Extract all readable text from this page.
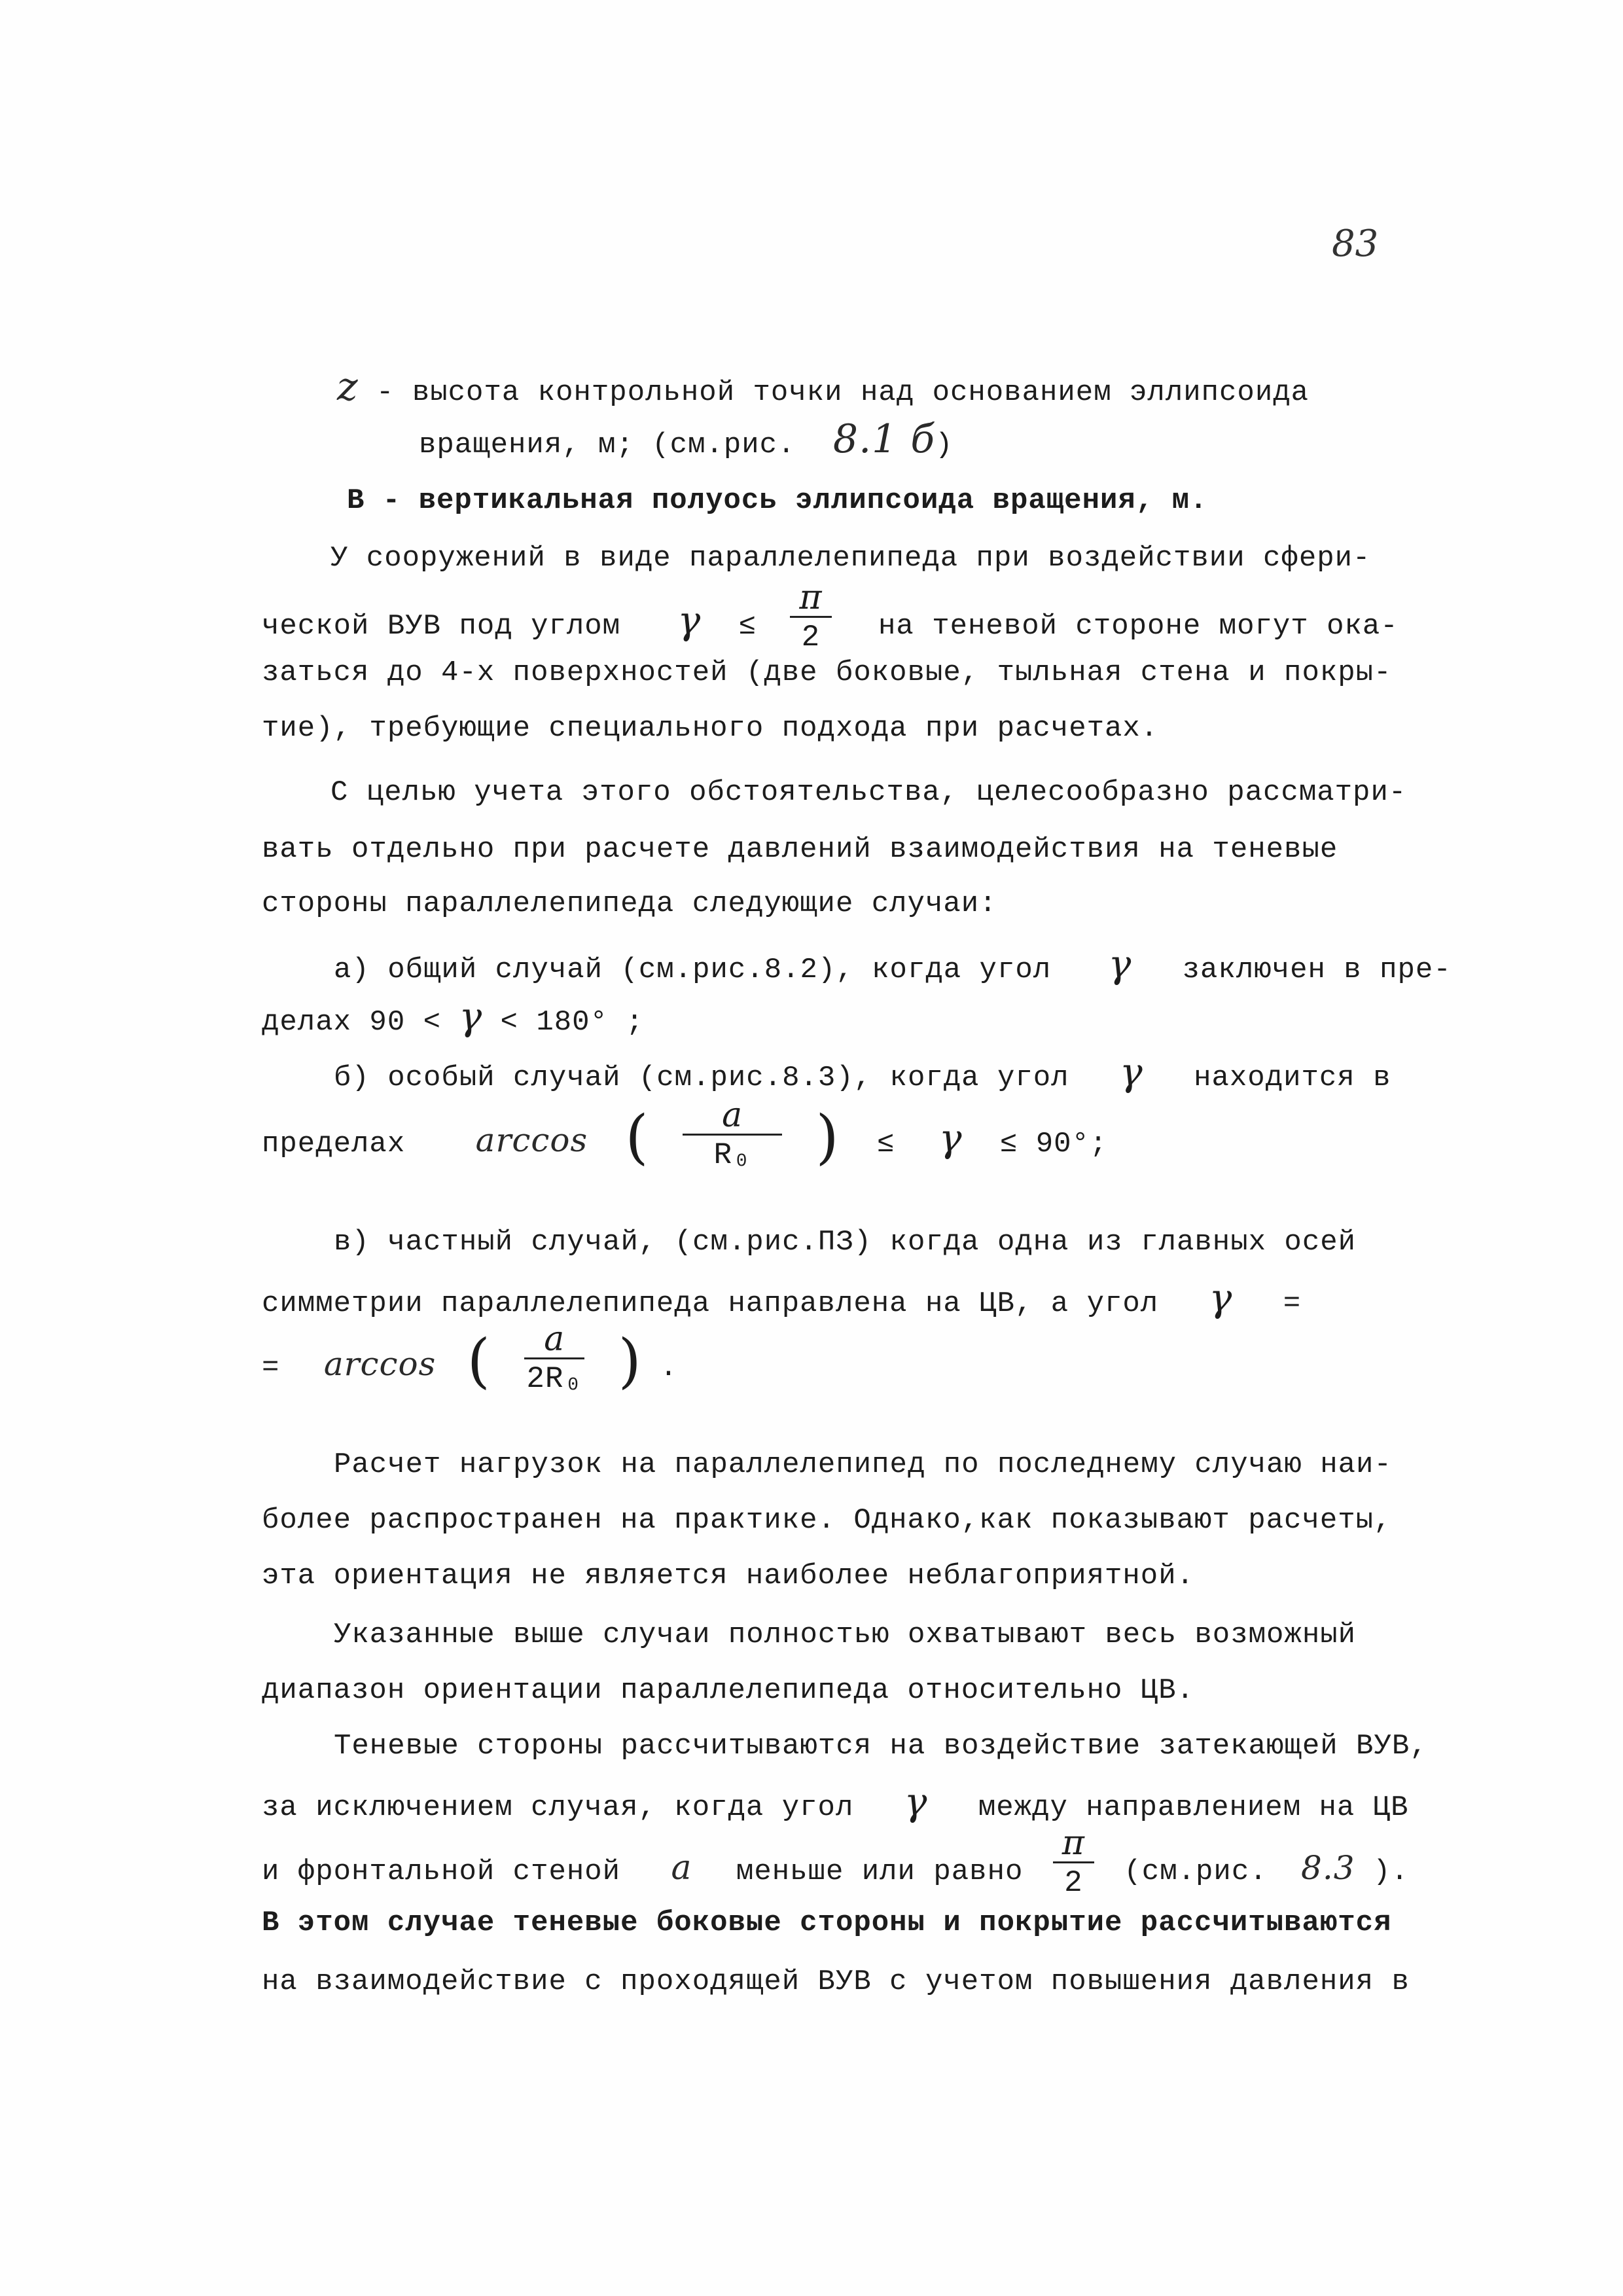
83
z - высота контрольной точки над основанием эллипсоида
вращения, м; (см.рис. 8.1 б)
B - вертикальная полуось эллипсоида вращения, м.
У сооружений в виде параллелепипеда при воздействии сфери-
ческой ВУВ под углом $\gamma \le \frac{\pi}{2}$ на теневой стороне могут ока-
заться до 4-х поверхностей (две боковые, тыльная стена и покры-
тие), требующие специального подхода при расчетах.
С целью учета этого обстоятельства, целесообразно рассматри-
вать отдельно при расчете давлений взаимодействия на теневые
стороны параллелепипеда следующие случаи:
а) общий случай (см.рис.8.2), когда угол γ заключен в пре-
делах 90 < γ < 180° ;
б) особый случай (см.рис.8.3), когда угол γ находится в
пределах arccos ( $\frac{a}{\text{R₀}}$ ) ≤ γ ≤ 90°;
в) частный случай, (см.рис.ПЗ) когда одна из главных осей
симметрии параллелепипеда направлена на ЦВ, а угол γ =
= arccos ( $\frac{a}{\text{2R₀}}$ ) .
Расчет нагрузок на параллелепипед по последнему случаю наи-
более распространен на практике. Однако,как показывают расчеты,
эта ориентация не является наиболее неблагоприятной.
Указанные выше случаи полностью охватывают весь возможный
диапазон ориентации параллелепипеда относительно ЦВ.
Теневые стороны рассчитываются на воздействие затекающей ВУВ,
за исключением случая, когда угол γ между направлением на ЦВ
и фронтальной стеной a меньше или равно $\frac{\pi}{2} (см.рис$. 8.3 ).
В этом случае теневые боковые стороны и покрытие рассчитываются
на взаимодействие с проходящей ВУВ с учетом повышения давления в
